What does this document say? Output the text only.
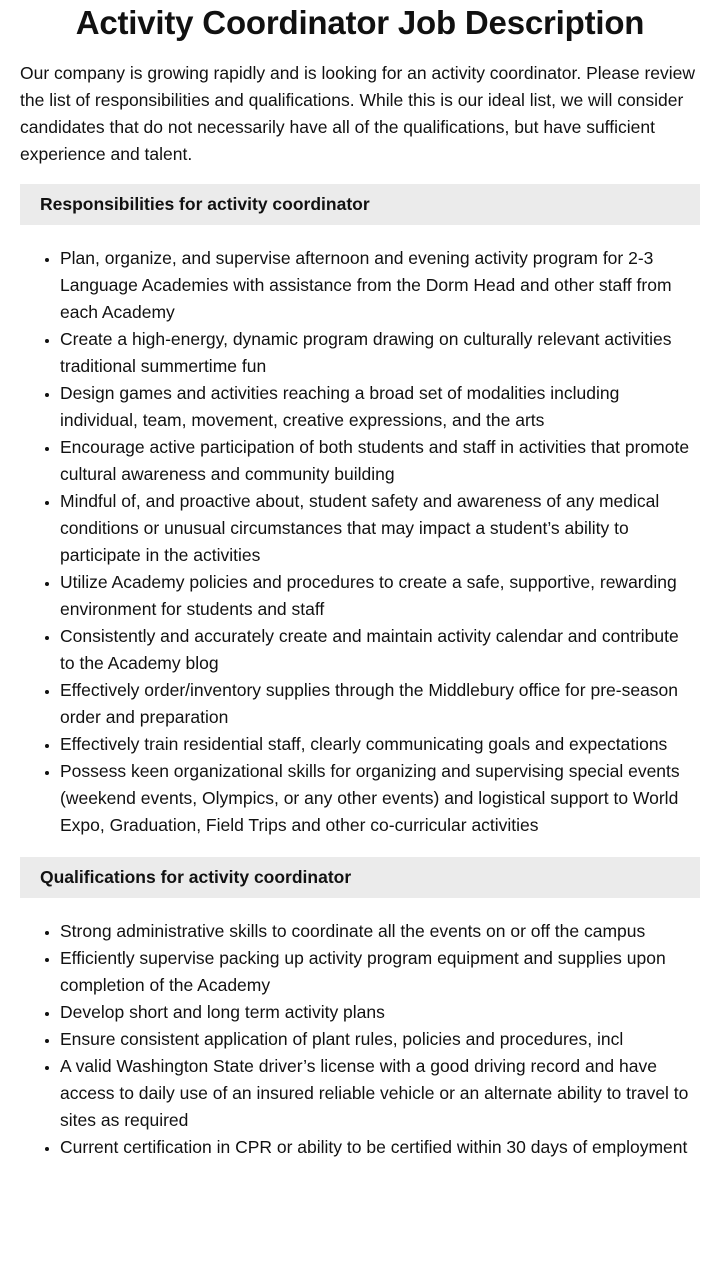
Activity Coordinator Job Description

Our company is growing rapidly and is looking for an activity coordinator. Please review the list of responsibilities and qualifications. While this is our ideal list, we will consider candidates that do not necessarily have all of the qualifications, but have sufficient experience and talent.

Responsibilities for activity coordinator
• Plan, organize, and supervise afternoon and evening activity program for 2-3 Language Academies with assistance from the Dorm Head and other staff from each Academy
• Create a high-energy, dynamic program drawing on culturally relevant activities traditional summertime fun
• Design games and activities reaching a broad set of modalities including individual, team, movement, creative expressions, and the arts
• Encourage active participation of both students and staff in activities that promote cultural awareness and community building
• Mindful of, and proactive about, student safety and awareness of any medical conditions or unusual circumstances that may impact a student’s ability to participate in the activities
• Utilize Academy policies and procedures to create a safe, supportive, rewarding environment for students and staff
• Consistently and accurately create and maintain activity calendar and contribute to the Academy blog
• Effectively order/inventory supplies through the Middlebury office for pre-season order and preparation
• Effectively train residential staff, clearly communicating goals and expectations
• Possess keen organizational skills for organizing and supervising special events (weekend events, Olympics, or any other events) and logistical support to World Expo, Graduation, Field Trips and other co-curricular activities
Qualifications for activity coordinator
• Strong administrative skills to coordinate all the events on or off the campus
• Efficiently supervise packing up activity program equipment and supplies upon completion of the Academy
• Develop short and long term activity plans
• Ensure consistent application of plant rules, policies and procedures, incl
• A valid Washington State driver’s license with a good driving record and have access to daily use of an insured reliable vehicle or an alternate ability to travel to sites as required
• Current certification in CPR or ability to be certified within 30 days of employment
